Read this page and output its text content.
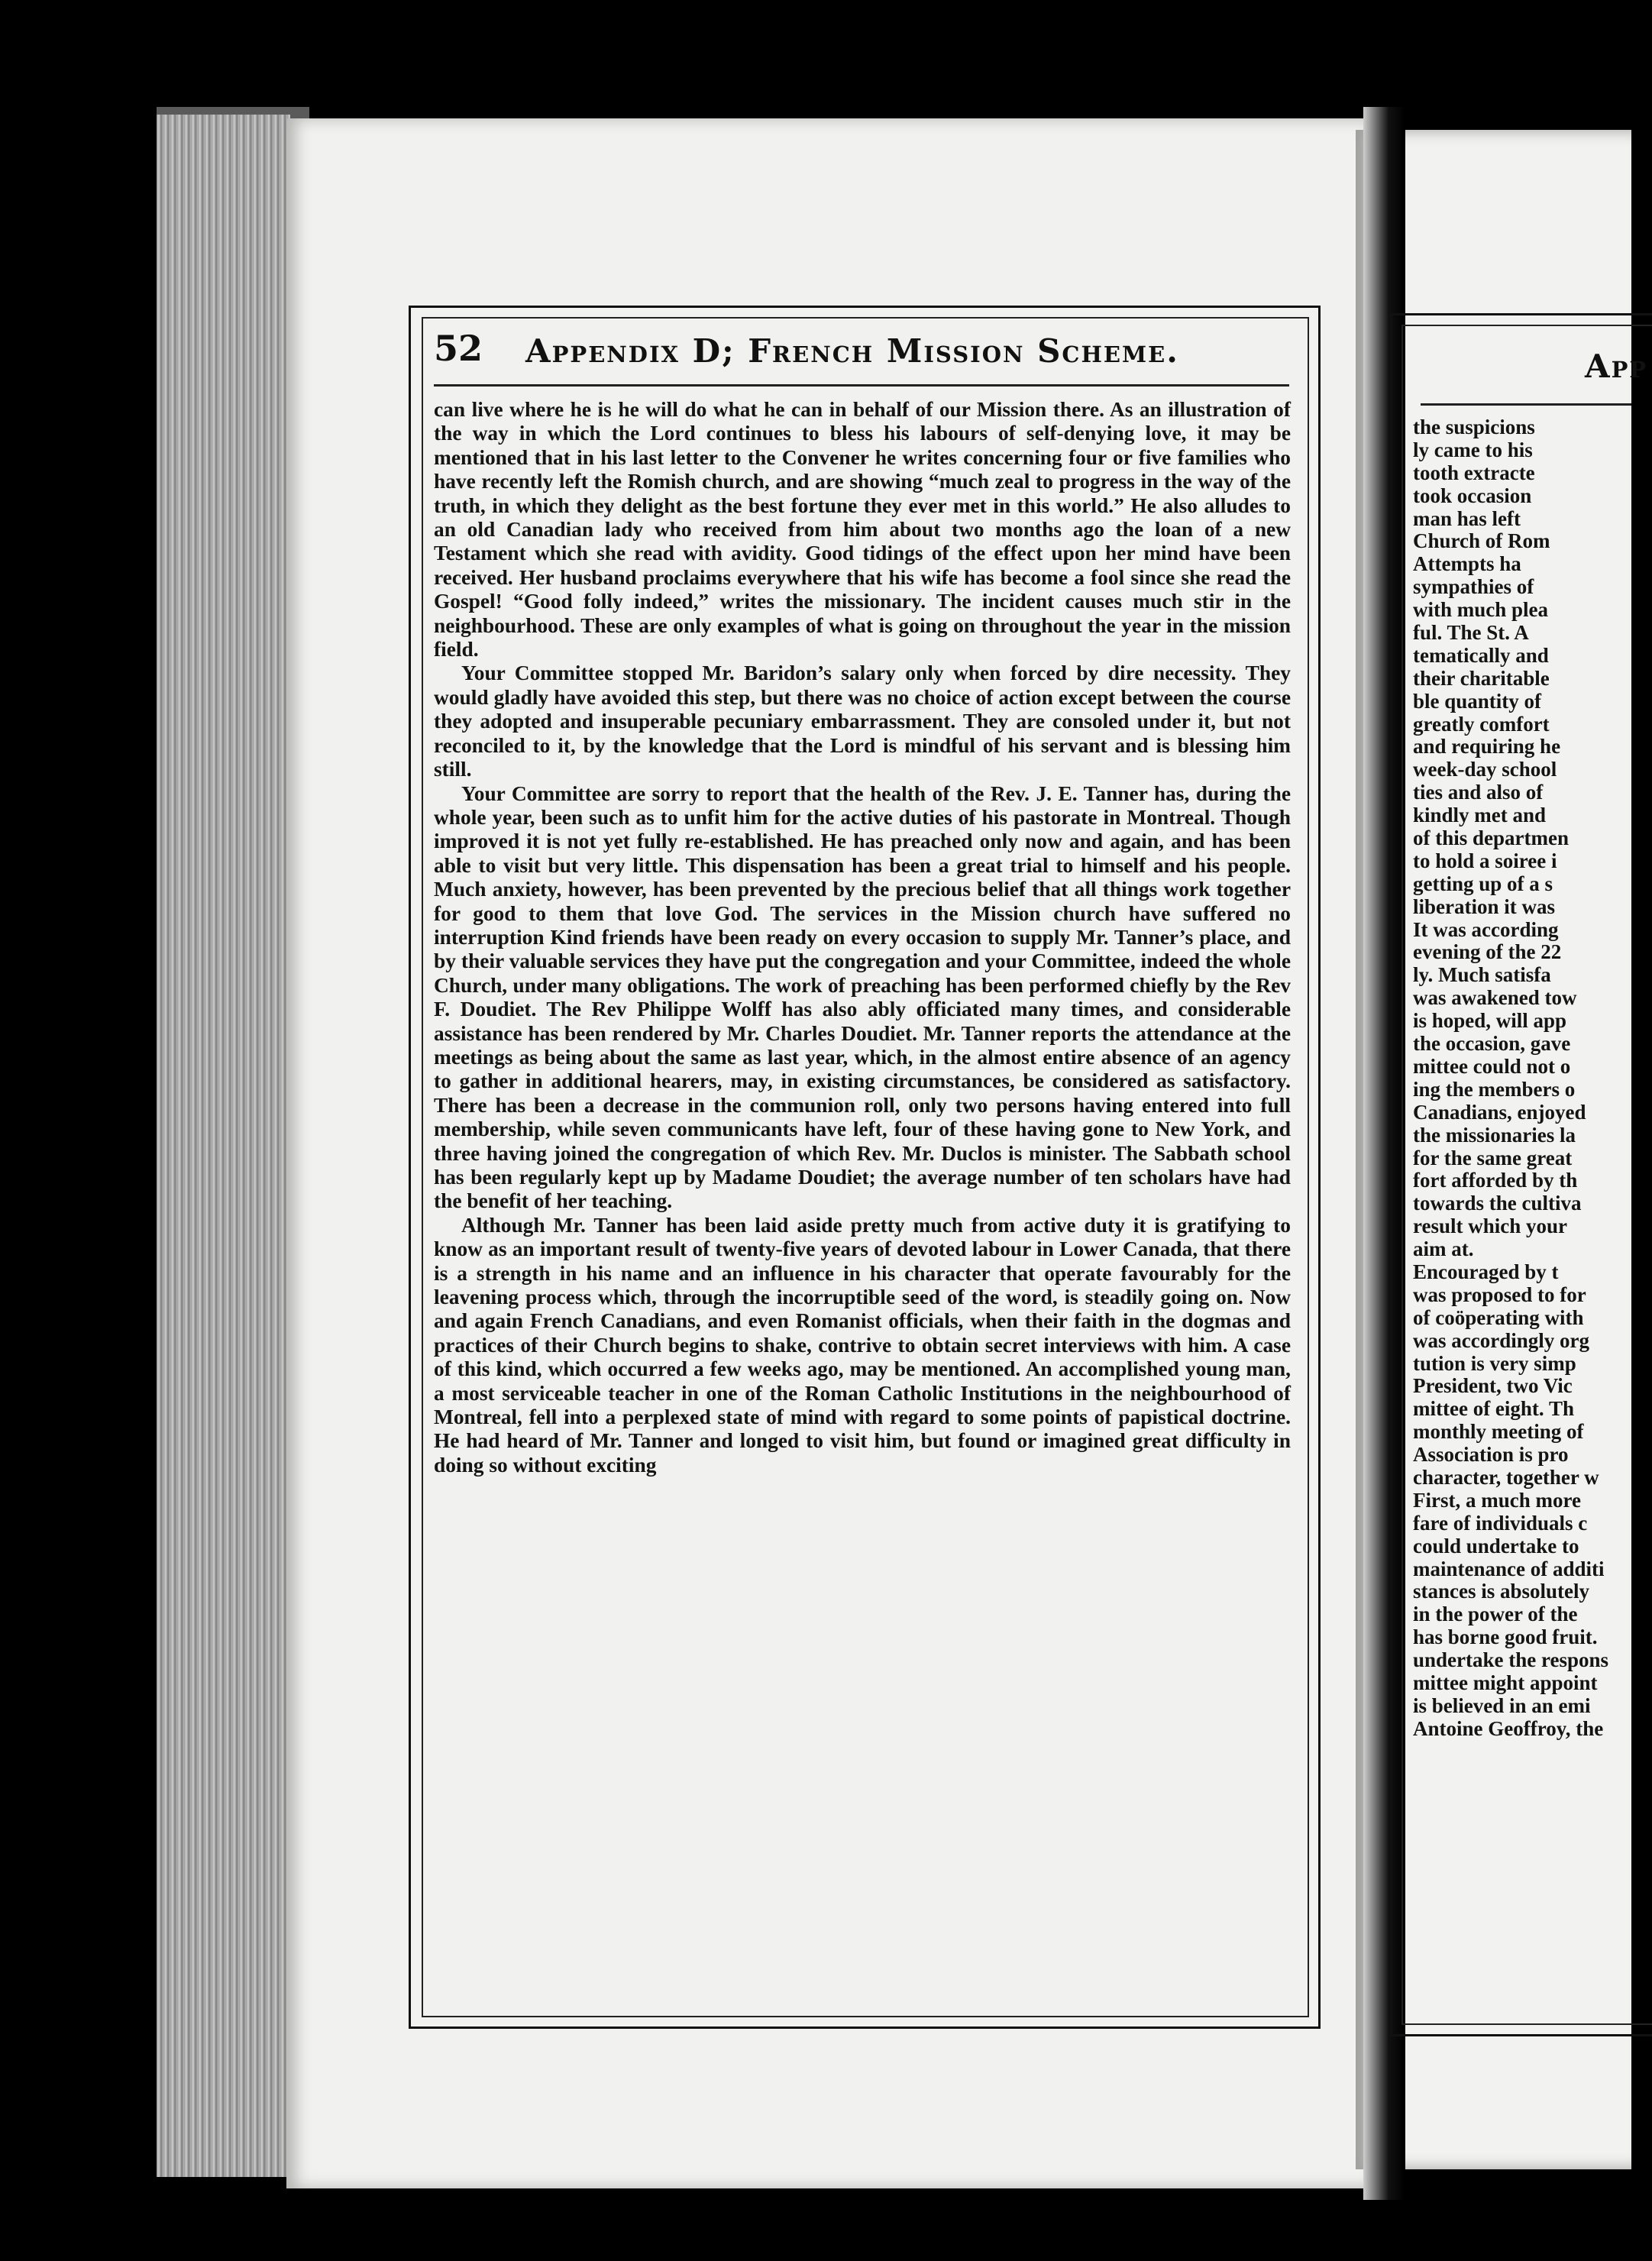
52 Appendix D; French Mission Scheme.

can live where he is he will do what he can in behalf of our Mission there. As an illustration of the way in which the Lord continues to bless his labours of self-denying love, it may be mentioned that in his last letter to the Convener he writes concerning four or five families who have recently left the Romish church, and are showing “much zeal to progress in the way of the truth, in which they delight as the best fortune they ever met in this world.” He also alludes to an old Canadian lady who received from him about two months ago the loan of a new Testament which she read with avidity. Good tidings of the effect upon her mind have been received. Her husband proclaims everywhere that his wife has become a fool since she read the Gospel! “Good folly indeed,” writes the missionary. The incident causes much stir in the neighbourhood. These are only examples of what is going on throughout the year in the mission field.

Your Committee stopped Mr. Baridon’s salary only when forced by dire necessity. They would gladly have avoided this step, but there was no choice of action except between the course they adopted and insuperable pecuniary embarrassment. They are consoled under it, but not reconciled to it, by the knowledge that the Lord is mindful of his servant and is blessing him still.

Your Committee are sorry to report that the health of the Rev. J. E. Tanner has, during the whole year, been such as to unfit him for the active duties of his pastorate in Montreal. Though improved it is not yet fully re-established. He has preached only now and again, and has been able to visit but very little. This dispensation has been a great trial to himself and his people. Much anxiety, however, has been prevented by the precious belief that all things work together for good to them that love God. The services in the Mission church have suffered no interruption Kind friends have been ready on every occasion to supply Mr. Tanner’s place, and by their valuable services they have put the congregation and your Committee, indeed the whole Church, under many obligations. The work of preaching has been performed chiefly by the Rev F. Doudiet. The Rev Philippe Wolff has also ably officiated many times, and considerable assistance has been rendered by Mr. Charles Doudiet. Mr. Tanner reports the attendance at the meetings as being about the same as last year, which, in the almost entire absence of an agency to gather in additional hearers, may, in existing circumstances, be considered as satisfactory. There has been a decrease in the communion roll, only two persons having entered into full membership, while seven communicants have left, four of these having gone to New York, and three having joined the congregation of which Rev. Mr. Duclos is minister. The Sabbath school has been regularly kept up by Madame Doudiet; the average number of ten scholars have had the benefit of her teaching.

Although Mr. Tanner has been laid aside pretty much from active duty it is gratifying to know as an important result of twenty-five years of devoted labour in Lower Canada, that there is a strength in his name and an influence in his character that operate favourably for the leavening process which, through the incorruptible seed of the word, is steadily going on. Now and again French Canadians, and even Romanist officials, when their faith in the dogmas and practices of their Church begins to shake, contrive to obtain secret interviews with him. A case of this kind, which occurred a few weeks ago, may be mentioned. An accomplished young man, a most serviceable teacher in one of the Roman Catholic Institutions in the neighbourhood of Montreal, fell into a perplexed state of mind with regard to some points of papistical doctrine. He had heard of Mr. Tanner and longed to visit him, but found or imagined great difficulty in doing so without exciting

App
the suspicions
ly came to his
tooth extracte
took occasion
man has left
Church of Rom
Attempts ha
sympathies of
with much plea
ful. The St. A
tematically and
their charitable
ble quantity of
greatly comfort
and requiring he
week-day school
ties and also of
kindly met and
of this departmen
to hold a soiree i
getting up of a s
liberation it was
It was according
evening of the 22
ly. Much satisfa
was awakened tow
is hoped, will app
the occasion, gave
mittee could not o
ing the members o
Canadians, enjoyed
the missionaries la
for the same great
fort afforded by th
towards the cultiva
result which your
aim at.
Encouraged by t
was proposed to for
of coöperating with
was accordingly org
tution is very simp
President, two Vic
mittee of eight. Th
monthly meeting of
Association is pro
character, together w
First, a much more
fare of individuals c
could undertake to
maintenance of additi
stances is absolutely
in the power of the
has borne good fruit.
undertake the respons
mittee might appoint
is believed in an emi
Antoine Geoffroy, the
